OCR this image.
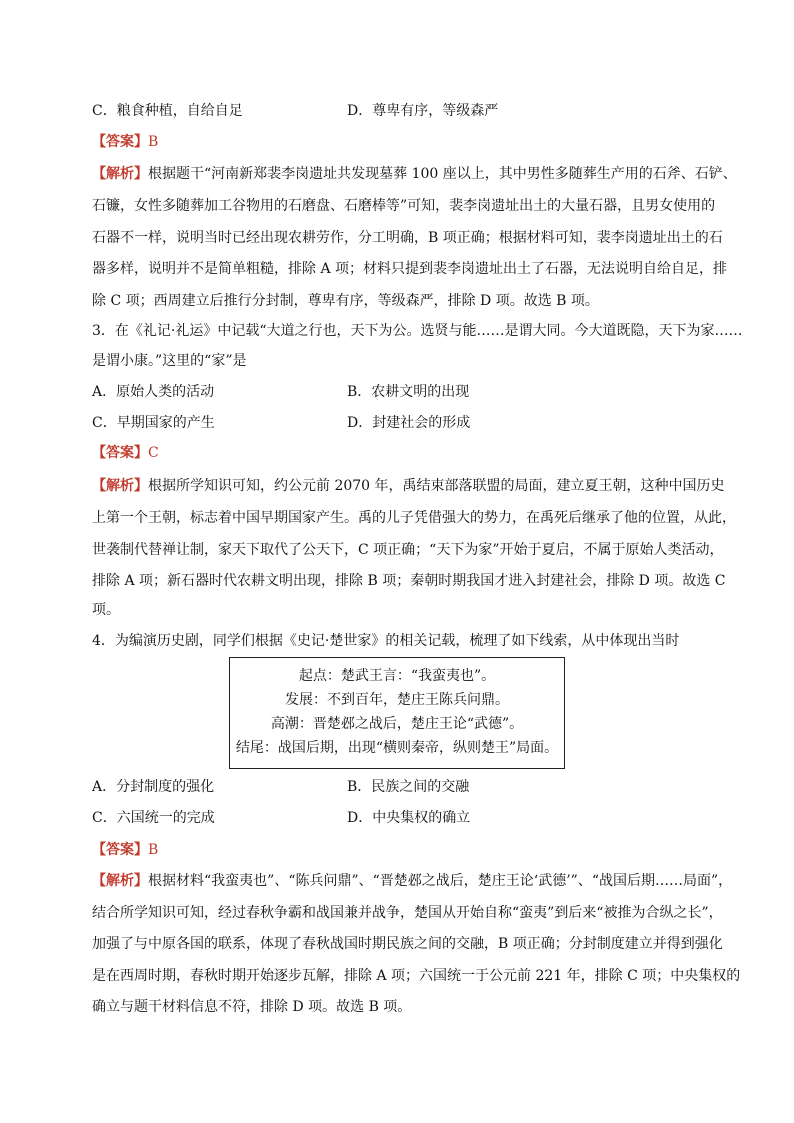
C．粮食种植，自给自足	D．尊卑有序，等级森严
【答案】B
【解析】根据题干“河南新郑裴李岗遗址共发现墓葬 100 座以上，其中男性多随葬生产用的石斧、石铲、
石镰，女性多随葬加工谷物用的石磨盘、石磨棒等”可知，裴李岗遗址出土的大量石器，且男女使用的
石器不一样，说明当时已经出现农耕劳作，分工明确，B 项正确；根据材料可知，裴李岗遗址出土的石
器多样，说明并不是简单粗糙，排除 A 项；材料只提到裴李岗遗址出土了石器，无法说明自给自足，排
除 C 项；西周建立后推行分封制，尊卑有序，等级森严，排除 D 项。故选 B 项。
3．在《礼记·礼运》中记载“大道之行也，天下为公。选贤与能……是谓大同。今大道既隐，天下为家……
是谓小康。”这里的“家”是
A．原始人类的活动	B．农耕文明的出现
C．早期国家的产生	D．封建社会的形成
【答案】C
【解析】根据所学知识可知，约公元前 2070 年，禹结束部落联盟的局面，建立夏王朝，这种中国历史
上第一个王朝，标志着中国早期国家产生。禹的儿子凭借强大的势力，在禹死后继承了他的位置，从此，
世袭制代替禅让制，家天下取代了公天下，C 项正确；“天下为家”开始于夏启，不属于原始人类活动，
排除 A 项；新石器时代农耕文明出现，排除 B 项；秦朝时期我国才进入封建社会，排除 D 项。故选 C
项。
4．为编演历史剧，同学们根据《史记·楚世家》的相关记载，梳理了如下线索，从中体现出当时
起点：楚武王言：“我蛮夷也”。
发展：不到百年，楚庄王陈兵问鼎。
高潮：晋楚邲之战后，楚庄王论“武德”。
结尾：战国后期，出现“横则秦帝，纵则楚王”局面。
A．分封制度的强化	B．民族之间的交融
C．六国统一的完成	D．中央集权的确立
【答案】B
【解析】根据材料“我蛮夷也”、“陈兵问鼎”、“晋楚邲之战后，楚庄王论‘武德’”、“战国后期……局面”，
结合所学知识可知，经过春秋争霸和战国兼并战争，楚国从开始自称“蛮夷”到后来“被推为合纵之长”，
加强了与中原各国的联系，体现了春秋战国时期民族之间的交融，B 项正确；分封制度建立并得到强化
是在西周时期，春秋时期开始逐步瓦解，排除 A 项；六国统一于公元前 221 年，排除 C 项；中央集权的
确立与题干材料信息不符，排除 D 项。故选 B 项。
